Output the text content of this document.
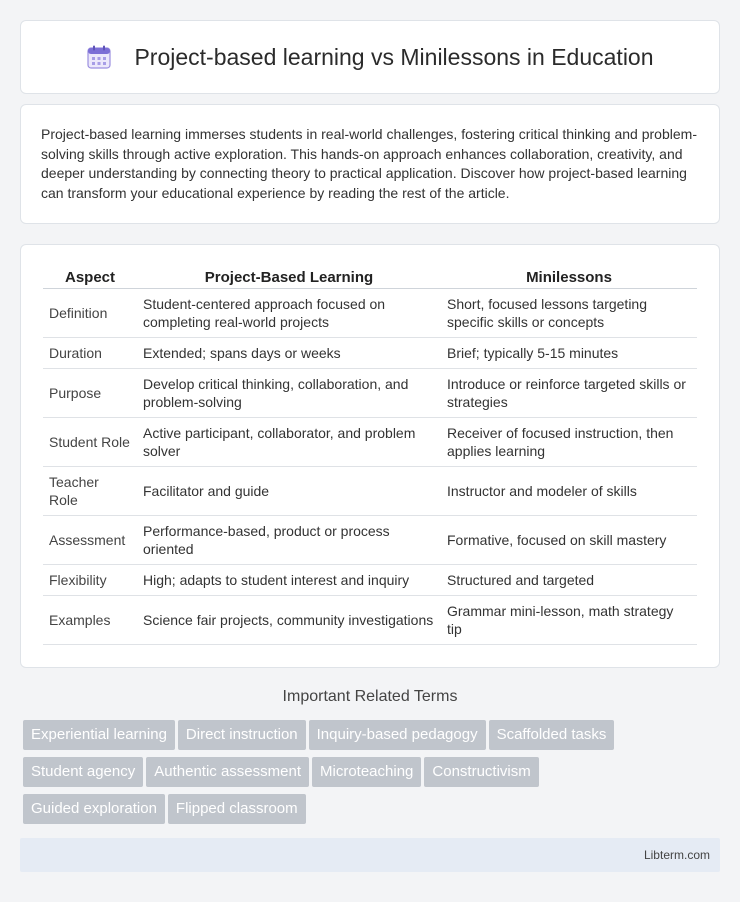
Project-based learning vs Minilessons in Education

Project-based learning immerses students in real-world challenges, fostering critical thinking and problem-solving skills through active exploration. This hands-on approach enhances collaboration, creativity, and deeper understanding by connecting theory to practical application. Discover how project-based learning can transform your educational experience by reading the rest of the article.

Aspect	Project-Based Learning	Minilessons
Definition	Student-centered approach focused on completing real-world projects	Short, focused lessons targeting specific skills or concepts
Duration	Extended; spans days or weeks	Brief; typically 5-15 minutes
Purpose	Develop critical thinking, collaboration, and problem-solving	Introduce or reinforce targeted skills or strategies
Student Role	Active participant, collaborator, and problem solver	Receiver of focused instruction, then applies learning
Teacher Role	Facilitator and guide	Instructor and modeler of skills
Assessment	Performance-based, product or process oriented	Formative, focused on skill mastery
Flexibility	High; adapts to student interest and inquiry	Structured and targeted
Examples	Science fair projects, community investigations	Grammar mini-lesson, math strategy tip
Important Related Terms
Experiential learning Direct instruction Inquiry-based pedagogy Scaffolded tasks
Student agency Authentic assessment Microteaching Constructivism
Guided exploration Flipped classroom
Libterm.com
